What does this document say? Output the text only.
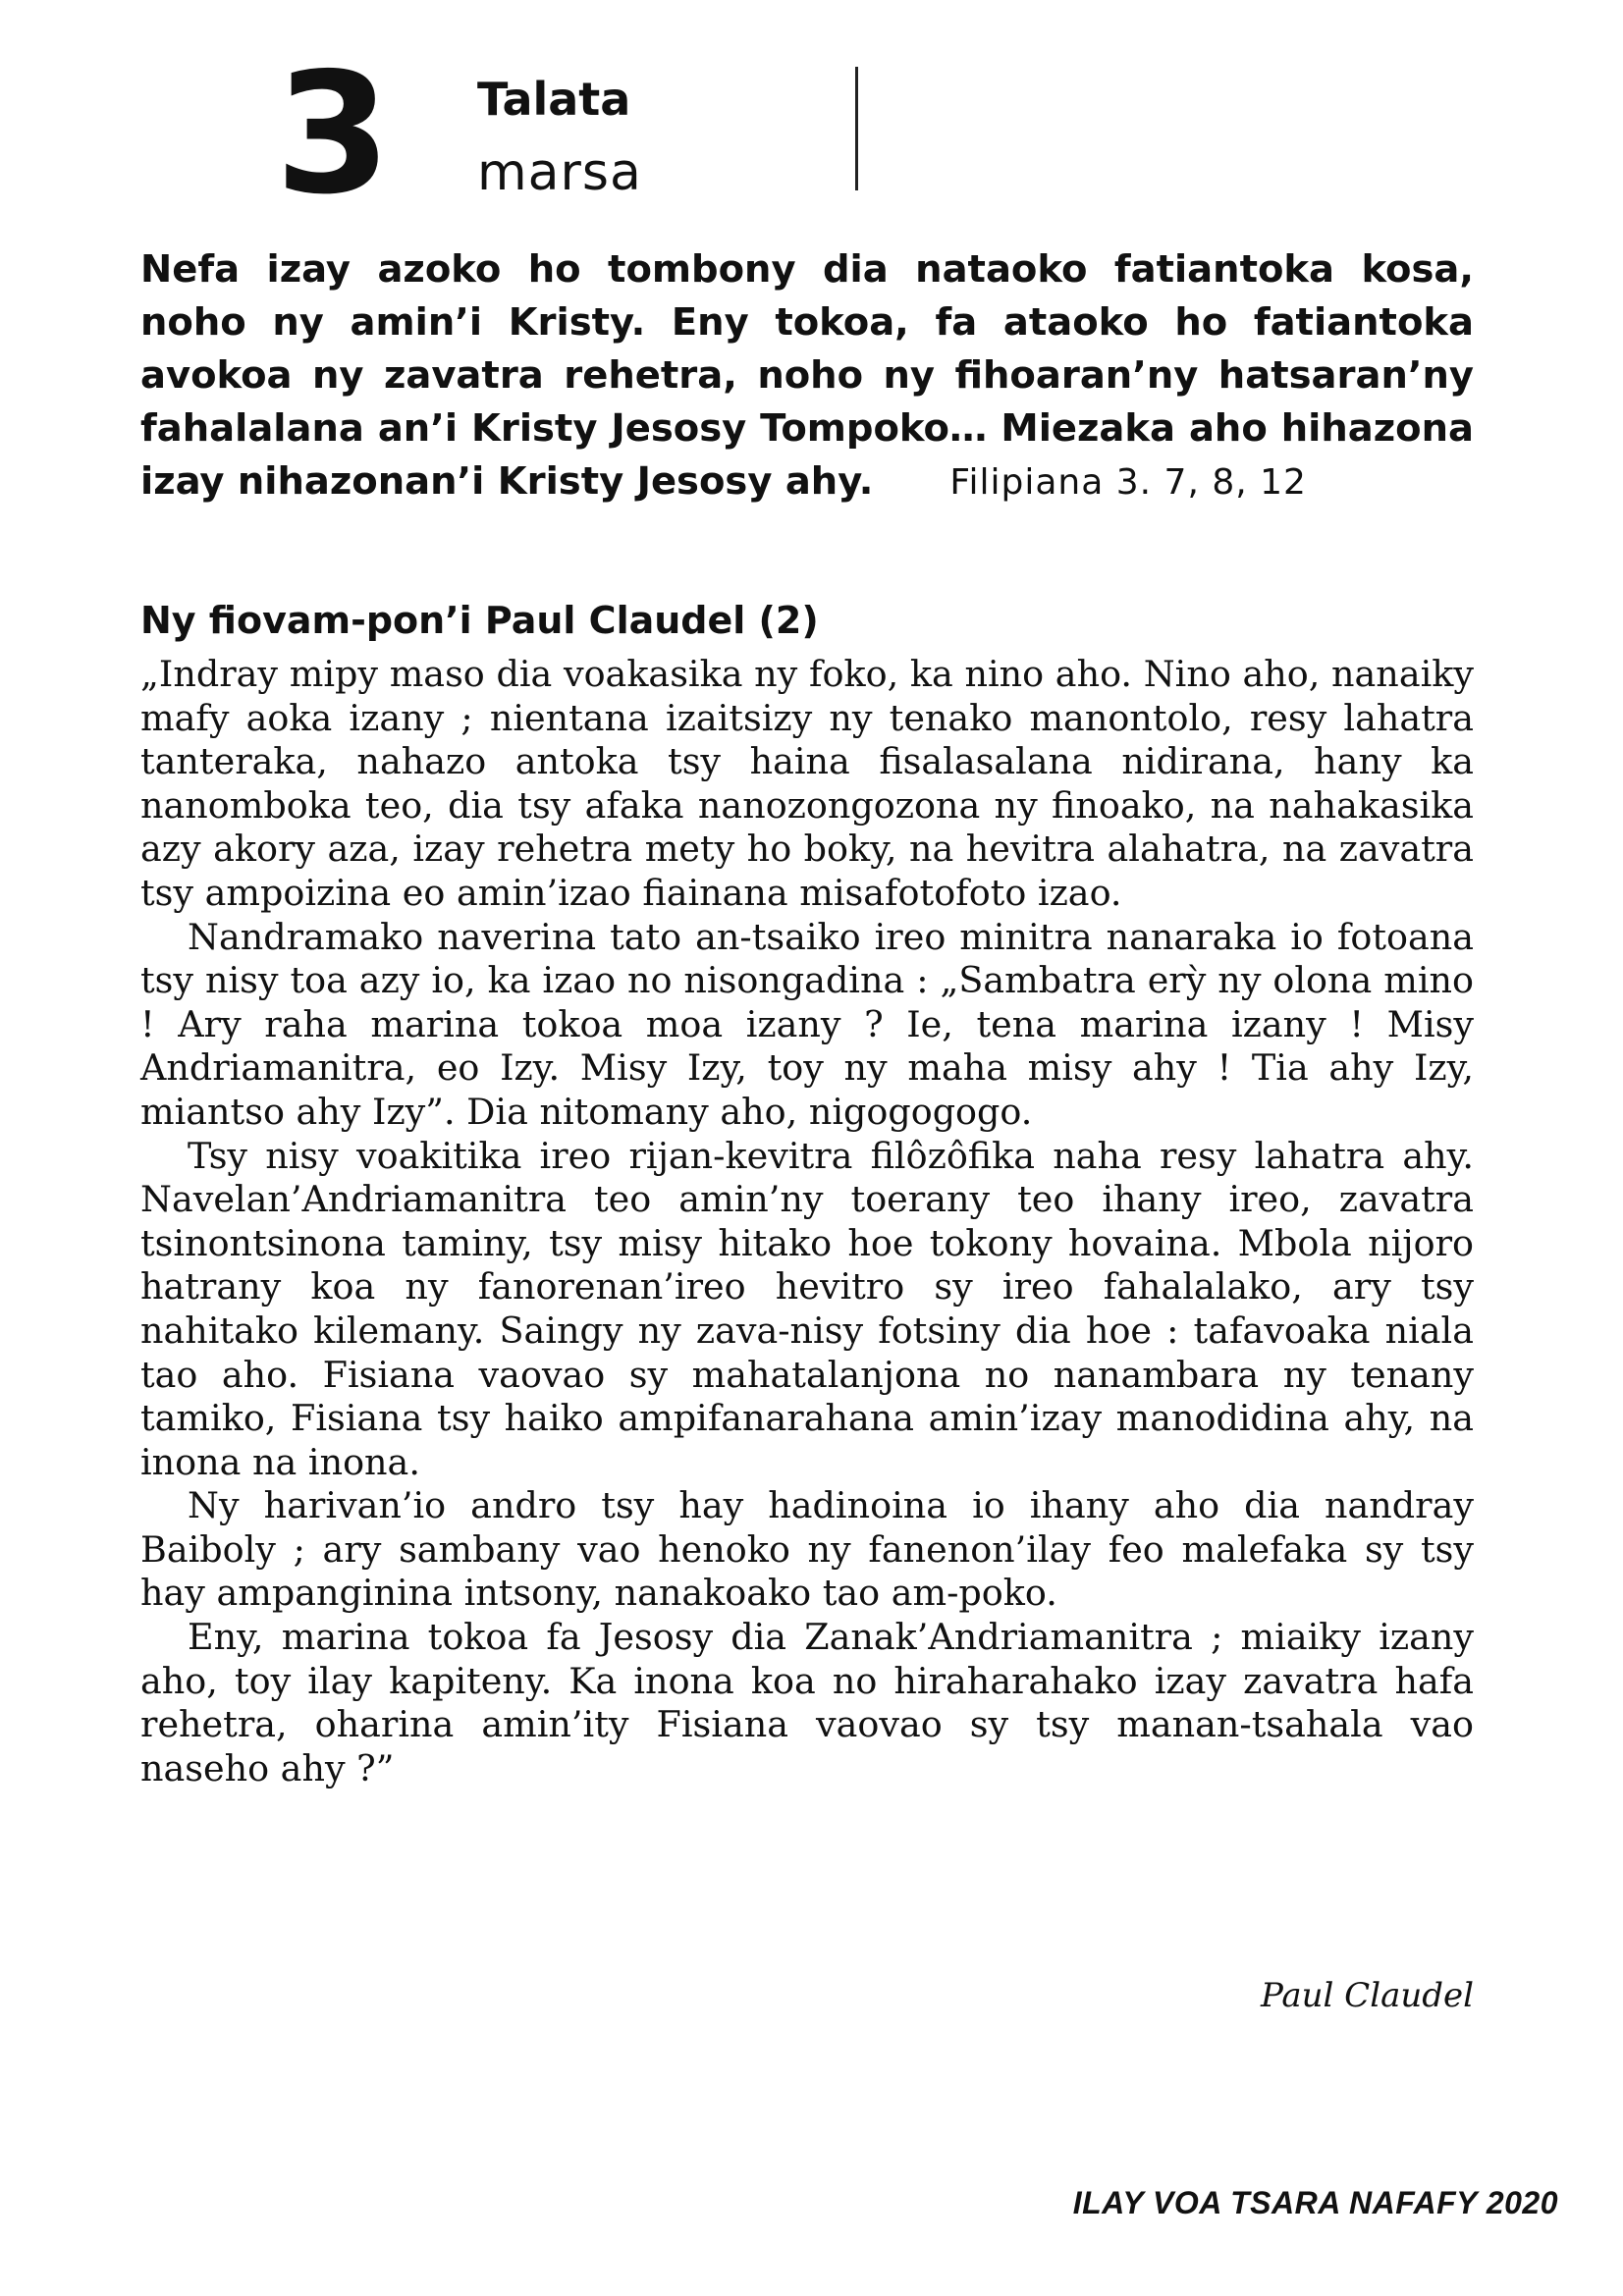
3 Talata
marsa
Nefa izay azoko ho tombony dia nataoko fatiantoka kosa, noho ny amin’i Kristy. Eny tokoa, fa ataoko ho fatiantoka avokoa ny zavatra rehetra, noho ny fihoaran’ny hatsaran’ny fahalalana an’i Kristy Jesosy Tompoko… Miezaka aho hihazona izay nihazonan’i Kristy Jesosy ahy. Filipiana 3. 7, 8, 12
Ny fiovam-pon’i Paul Claudel (2)

„Indray mipy maso dia voakasika ny foko, ka nino aho. Nino aho, nanaiky mafy aoka izany ; nientana izaitsizy ny tenako manontolo, resy lahatra tanteraka, nahazo antoka tsy haina fisalasalana nidirana, hany ka nanomboka teo, dia tsy afaka nanozongozona ny finoako, na nahakasika azy akory aza, izay rehetra mety ho boky, na hevitra alahatra, na zavatra tsy ampoizina eo amin’izao fiainana misafotofoto izao.

Nandramako naverina tato an-tsaiko ireo minitra nanaraka io fotoana tsy nisy toa azy io, ka izao no nisongadina : „Sambatra erỳ ny olona mino ! Ary raha marina tokoa moa izany ? Ie, tena marina izany ! Misy Andriamanitra, eo Izy. Misy Izy, toy ny maha misy ahy ! Tia ahy Izy, miantso ahy Izy”. Dia nitomany aho, nigogogogo.

Tsy nisy voakitika ireo rijan-kevitra filôzôfika naha resy lahatra ahy. Navelan’Andriamanitra teo amin’ny toerany teo ihany ireo, zavatra tsinontsinona taminy, tsy misy hitako hoe tokony hovaina. Mbola nijoro hatrany koa ny fanorenan’ireo hevitro sy ireo fahalalako, ary tsy nahitako kilemany. Saingy ny zava-nisy fotsiny dia hoe : tafavoaka niala tao aho. Fisiana vaovao sy mahatalanjona no nanambara ny tenany tamiko, Fisiana tsy haiko ampifanarahana amin’izay manodidina ahy, na inona na inona.

Ny harivan’io andro tsy hay hadinoina io ihany aho dia nandray Baiboly ; ary sambany vao henoko ny fanenon’ilay feo malefaka sy tsy hay ampanginina intsony, nanakoako tao am-poko.

Eny, marina tokoa fa Jesosy dia Zanak’Andriamanitra ; miaiky izany aho, toy ilay kapiteny. Ka inona koa no hiraharahako izay zavatra hafa rehetra, oharina amin’ity Fisiana vaovao sy tsy manan-tsahala vao naseho ahy ?”

Paul Claudel
ILAY VOA TSARA NAFAFY 2020
